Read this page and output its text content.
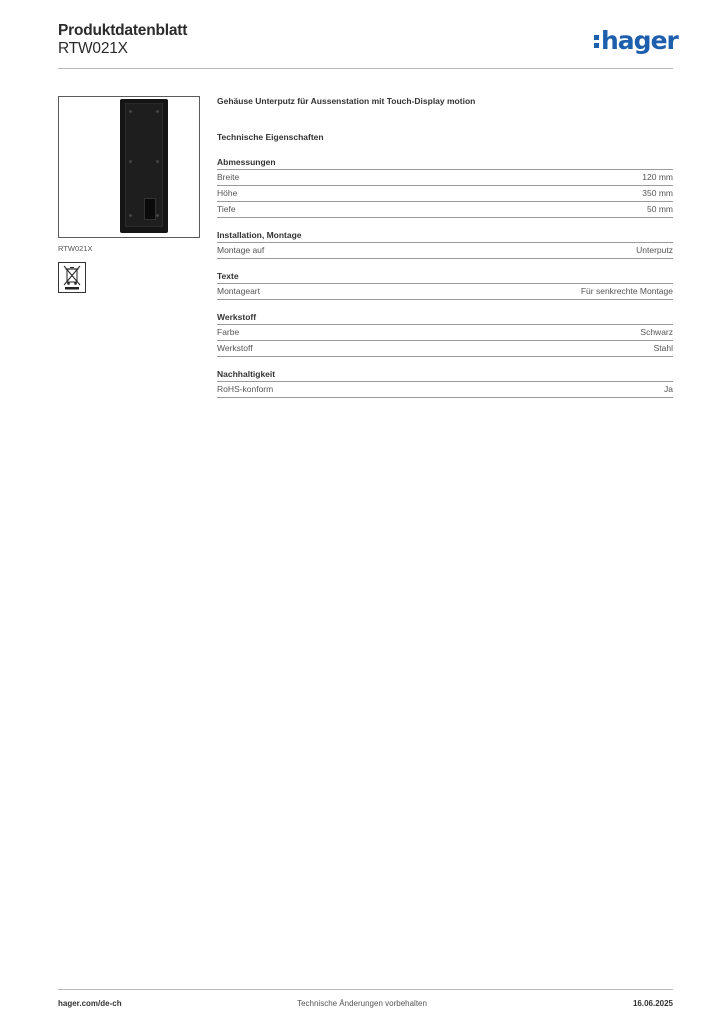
Produktdatenblatt
RTW021X	hager
RTW021X
Gehäuse Unterputz für Aussenstation mit Touch-Display motion
Technische Eigenschaften
Abmessungen
Breite	120 mm
Höhe	350 mm
Tiefe	50 mm
Installation, Montage
Montage auf	Unterputz
Texte
Montageart	Für senkrechte Montage
Werkstoff
Farbe	Schwarz
Werkstoff	Stahl
Nachhaltigkeit
RoHS-konform	Ja
Technische Änderungen vorbehalten
hager.com/de-ch	16.06.2025
